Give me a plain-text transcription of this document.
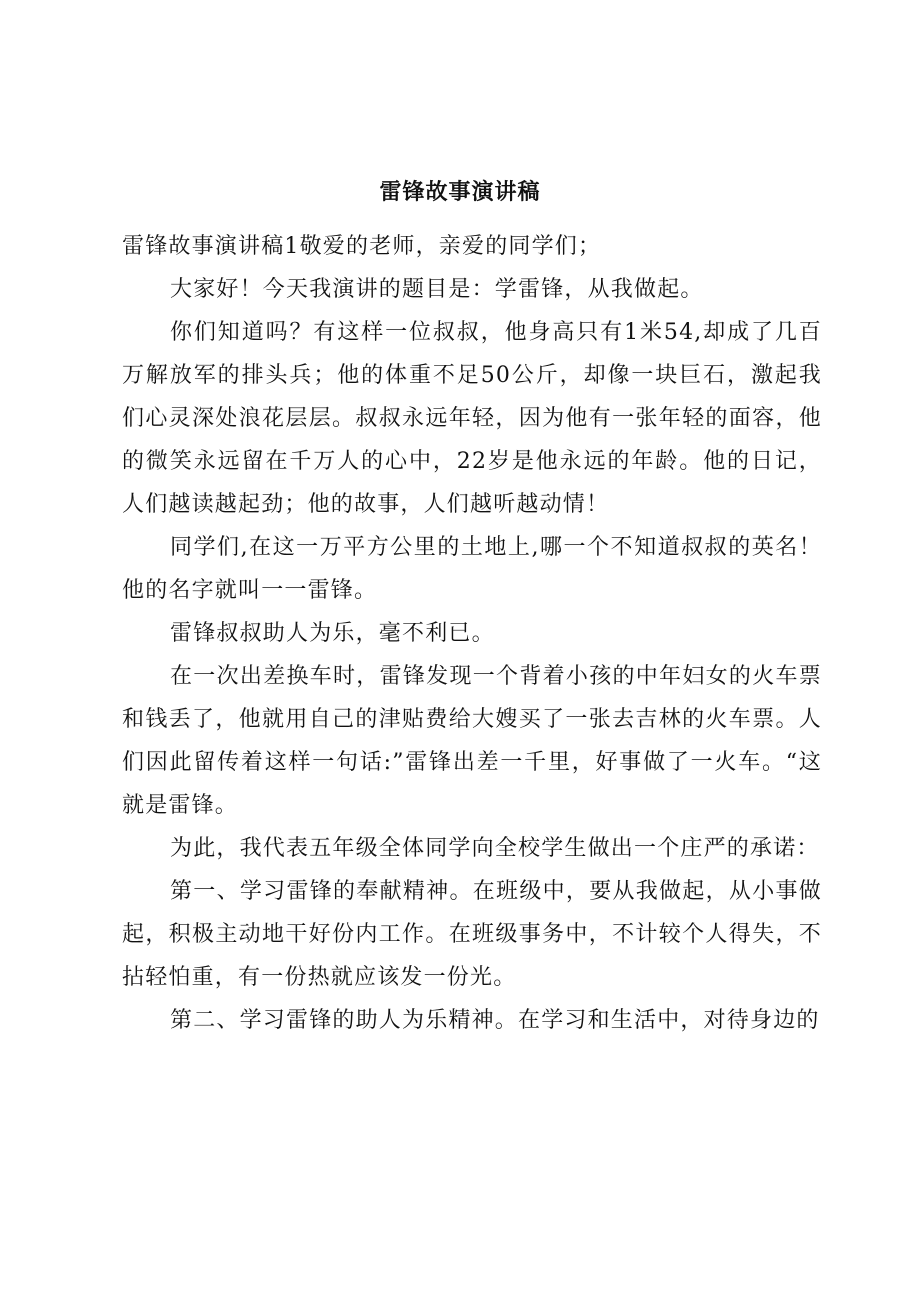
雷锋故事演讲稿

雷锋故事演讲稿1敬爱的老师，亲爱的同学们；

大家好！今天我演讲的题目是：学雷锋，从我做起。

你们知道吗？有这样一位叔叔，他身高只有1米54,却成了几百万解放军的排头兵；他的体重不足50公斤，却像一块巨石，激起我们心灵深处浪花层层。叔叔永远年轻，因为他有一张年轻的面容，他的微笑永远留在千万人的心中，22岁是他永远的年龄。他的日记，人们越读越起劲；他的故事，人们越听越动情！

同学们,在这一万平方公里的土地上,哪一个不知道叔叔的英名！他的名字就叫一一雷锋。

雷锋叔叔助人为乐，毫不利已。

在一次出差换车时，雷锋发现一个背着小孩的中年妇女的火车票和钱丢了，他就用自己的津贴费给大嫂买了一张去吉林的火车票。人们因此留传着这样一句话:”雷锋出差一千里，好事做了一火车。“这就是雷锋。

为此，我代表五年级全体同学向全校学生做出一个庄严的承诺：

第一、学习雷锋的奉献精神。在班级中，要从我做起，从小事做起，积极主动地干好份内工作。在班级事务中，不计较个人得失，不拈轻怕重，有一份热就应该发一份光。

第二、学习雷锋的助人为乐精神。在学习和生活中，对待身边的
